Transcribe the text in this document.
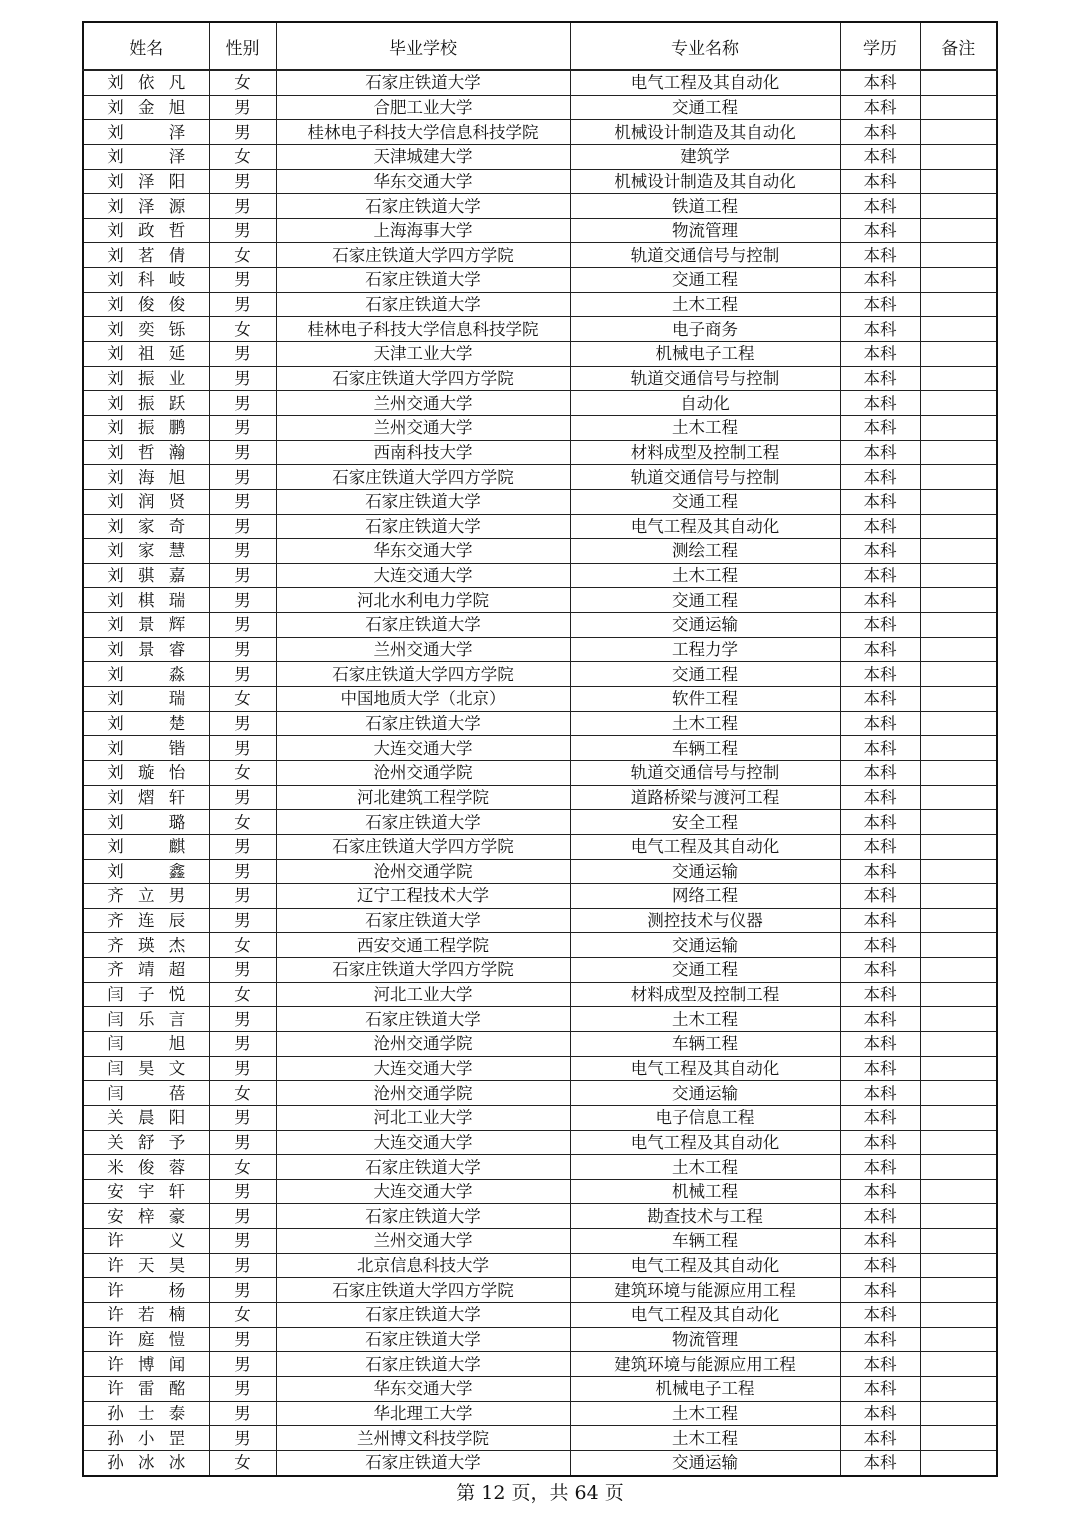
姓名	性别	毕业学校	专业名称	学历	备注
刘依凡	女	石家庄铁道大学	电气工程及其自动化	本科	
刘金旭	男	合肥工业大学	交通工程	本科	
刘泽	男	桂林电子科技大学信息科技学院	机械设计制造及其自动化	本科	
刘泽	女	天津城建大学	建筑学	本科	
刘泽阳	男	华东交通大学	机械设计制造及其自动化	本科	
刘泽源	男	石家庄铁道大学	铁道工程	本科	
刘政哲	男	上海海事大学	物流管理	本科	
刘茗倩	女	石家庄铁道大学四方学院	轨道交通信号与控制	本科	
刘科岐	男	石家庄铁道大学	交通工程	本科	
刘俊俊	男	石家庄铁道大学	土木工程	本科	
刘奕铄	女	桂林电子科技大学信息科技学院	电子商务	本科	
刘祖延	男	天津工业大学	机械电子工程	本科	
刘振业	男	石家庄铁道大学四方学院	轨道交通信号与控制	本科	
刘振跃	男	兰州交通大学	自动化	本科	
刘振鹏	男	兰州交通大学	土木工程	本科	
刘哲瀚	男	西南科技大学	材料成型及控制工程	本科	
刘海旭	男	石家庄铁道大学四方学院	轨道交通信号与控制	本科	
刘润贤	男	石家庄铁道大学	交通工程	本科	
刘家奇	男	石家庄铁道大学	电气工程及其自动化	本科	
刘家慧	男	华东交通大学	测绘工程	本科	
刘骐嘉	男	大连交通大学	土木工程	本科	
刘棋瑞	男	河北水利电力学院	交通工程	本科	
刘景辉	男	石家庄铁道大学	交通运输	本科	
刘景睿	男	兰州交通大学	工程力学	本科	
刘淼	男	石家庄铁道大学四方学院	交通工程	本科	
刘瑞	女	中国地质大学（北京）	软件工程	本科	
刘楚	男	石家庄铁道大学	土木工程	本科	
刘锴	男	大连交通大学	车辆工程	本科	
刘璇怡	女	沧州交通学院	轨道交通信号与控制	本科	
刘熠轩	男	河北建筑工程学院	道路桥梁与渡河工程	本科	
刘璐	女	石家庄铁道大学	安全工程	本科	
刘麒	男	石家庄铁道大学四方学院	电气工程及其自动化	本科	
刘鑫	男	沧州交通学院	交通运输	本科	
齐立男	男	辽宁工程技术大学	网络工程	本科	
齐连辰	男	石家庄铁道大学	测控技术与仪器	本科	
齐瑛杰	女	西安交通工程学院	交通运输	本科	
齐靖超	男	石家庄铁道大学四方学院	交通工程	本科	
闫子悦	女	河北工业大学	材料成型及控制工程	本科	
闫乐言	男	石家庄铁道大学	土木工程	本科	
闫旭	男	沧州交通学院	车辆工程	本科	
闫昊文	男	大连交通大学	电气工程及其自动化	本科	
闫蓓	女	沧州交通学院	交通运输	本科	
关晨阳	男	河北工业大学	电子信息工程	本科	
关舒予	男	大连交通大学	电气工程及其自动化	本科	
米俊蓉	女	石家庄铁道大学	土木工程	本科	
安宇轩	男	大连交通大学	机械工程	本科	
安梓豪	男	石家庄铁道大学	勘查技术与工程	本科	
许义	男	兰州交通大学	车辆工程	本科	
许天昊	男	北京信息科技大学	电气工程及其自动化	本科	
许杨	男	石家庄铁道大学四方学院	建筑环境与能源应用工程	本科	
许若楠	女	石家庄铁道大学	电气工程及其自动化	本科	
许庭愷	男	石家庄铁道大学	物流管理	本科	
许博闻	男	石家庄铁道大学	建筑环境与能源应用工程	本科	
许雷酩	男	华东交通大学	机械电子工程	本科	
孙士泰	男	华北理工大学	土木工程	本科	
孙小罡	男	兰州博文科技学院	土木工程	本科	
孙冰冰	女	石家庄铁道大学	交通运输	本科	
第 12 页，共 64 页
